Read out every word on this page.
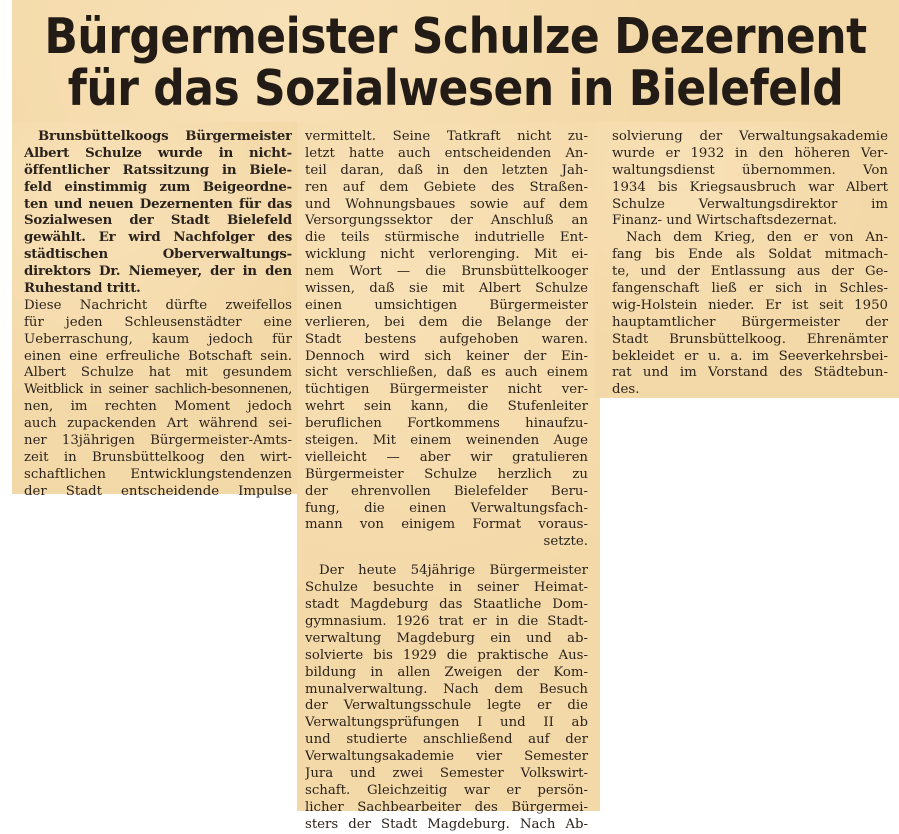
Bürgermeister Schulze Dezernent
für das Sozialwesen in Bielefeld
Brunsbüttelkoogs Bürgermeister
Albert Schulze wurde in nicht-
öffentlicher Ratssitzung in Biele-
feld einstimmig zum Beigeordne-
ten und neuen Dezernenten für das
Sozialwesen der Stadt Bielefeld
gewählt. Er wird Nachfolger des
städtischen Oberverwaltungs-
direktors Dr. Niemeyer, der in den
Ruhestand tritt.
Diese Nachricht dürfte zweifellos
für jeden Schleusenstädter eine
Ueberraschung, kaum jedoch für
einen eine erfreuliche Botschaft sein.
Albert Schulze hat mit gesundem
Weitblick in seiner sachlich-besonnenen,
nen, im rechten Moment jedoch
auch zupackenden Art während sei-
ner 13jährigen Bürgermeister-Amts-
zeit in Brunsbüttelkoog den wirt-
schaftlichen Entwicklungstendenzen
der Stadt entscheidende Impulse
vermittelt. Seine Tatkraft nicht zu-
letzt hatte auch entscheidenden An-
teil daran, daß in den letzten Jah-
ren auf dem Gebiete des Straßen-
und Wohnungsbaues sowie auf dem
Versorgungssektor der Anschluß an
die teils stürmische indutrielle Ent-
wicklung nicht verlorenging. Mit ei-
nem Wort — die Brunsbüttelkooger
wissen, daß sie mit Albert Schulze
einen umsichtigen Bürgermeister
verlieren, bei dem die Belange der
Stadt bestens aufgehoben waren.
Dennoch wird sich keiner der Ein-
sicht verschließen, daß es auch einem
tüchtigen Bürgermeister nicht ver-
wehrt sein kann, die Stufenleiter
beruflichen Fortkommens hinaufzu-
steigen. Mit einem weinenden Auge
vielleicht — aber wir gratulieren
Bürgermeister Schulze herzlich zu
der ehrenvollen Bielefelder Beru-
fung, die einen Verwaltungsfach-
mann von einigem Format voraus-
setzte.
Der heute 54jährige Bürgermeister
Schulze besuchte in seiner Heimat-
stadt Magdeburg das Staatliche Dom-
gymnasium. 1926 trat er in die Stadt-
verwaltung Magdeburg ein und ab-
solvierte bis 1929 die praktische Aus-
bildung in allen Zweigen der Kom-
munalverwaltung. Nach dem Besuch
der Verwaltungsschule legte er die
Verwaltungsprüfungen I und II ab
und studierte anschließend auf der
Verwaltungsakademie vier Semester
Jura und zwei Semester Volkswirt-
schaft. Gleichzeitig war er persön-
licher Sachbearbeiter des Bürgermei-
sters der Stadt Magdeburg. Nach Ab-
solvierung der Verwaltungsakademie
wurde er 1932 in den höheren Ver-
waltungsdienst übernommen. Von
1934 bis Kriegsausbruch war Albert
Schulze Verwaltungsdirektor im
Finanz- und Wirtschaftsdezernat.
Nach dem Krieg, den er von An-
fang bis Ende als Soldat mitmach-
te, und der Entlassung aus der Ge-
fangenschaft ließ er sich in Schles-
wig-Holstein nieder. Er ist seit 1950
hauptamtlicher Bürgermeister der
Stadt Brunsbüttelkoog. Ehrenämter
bekleidet er u. a. im Seeverkehrsbei-
rat und im Vorstand des Städtebun-
des.
